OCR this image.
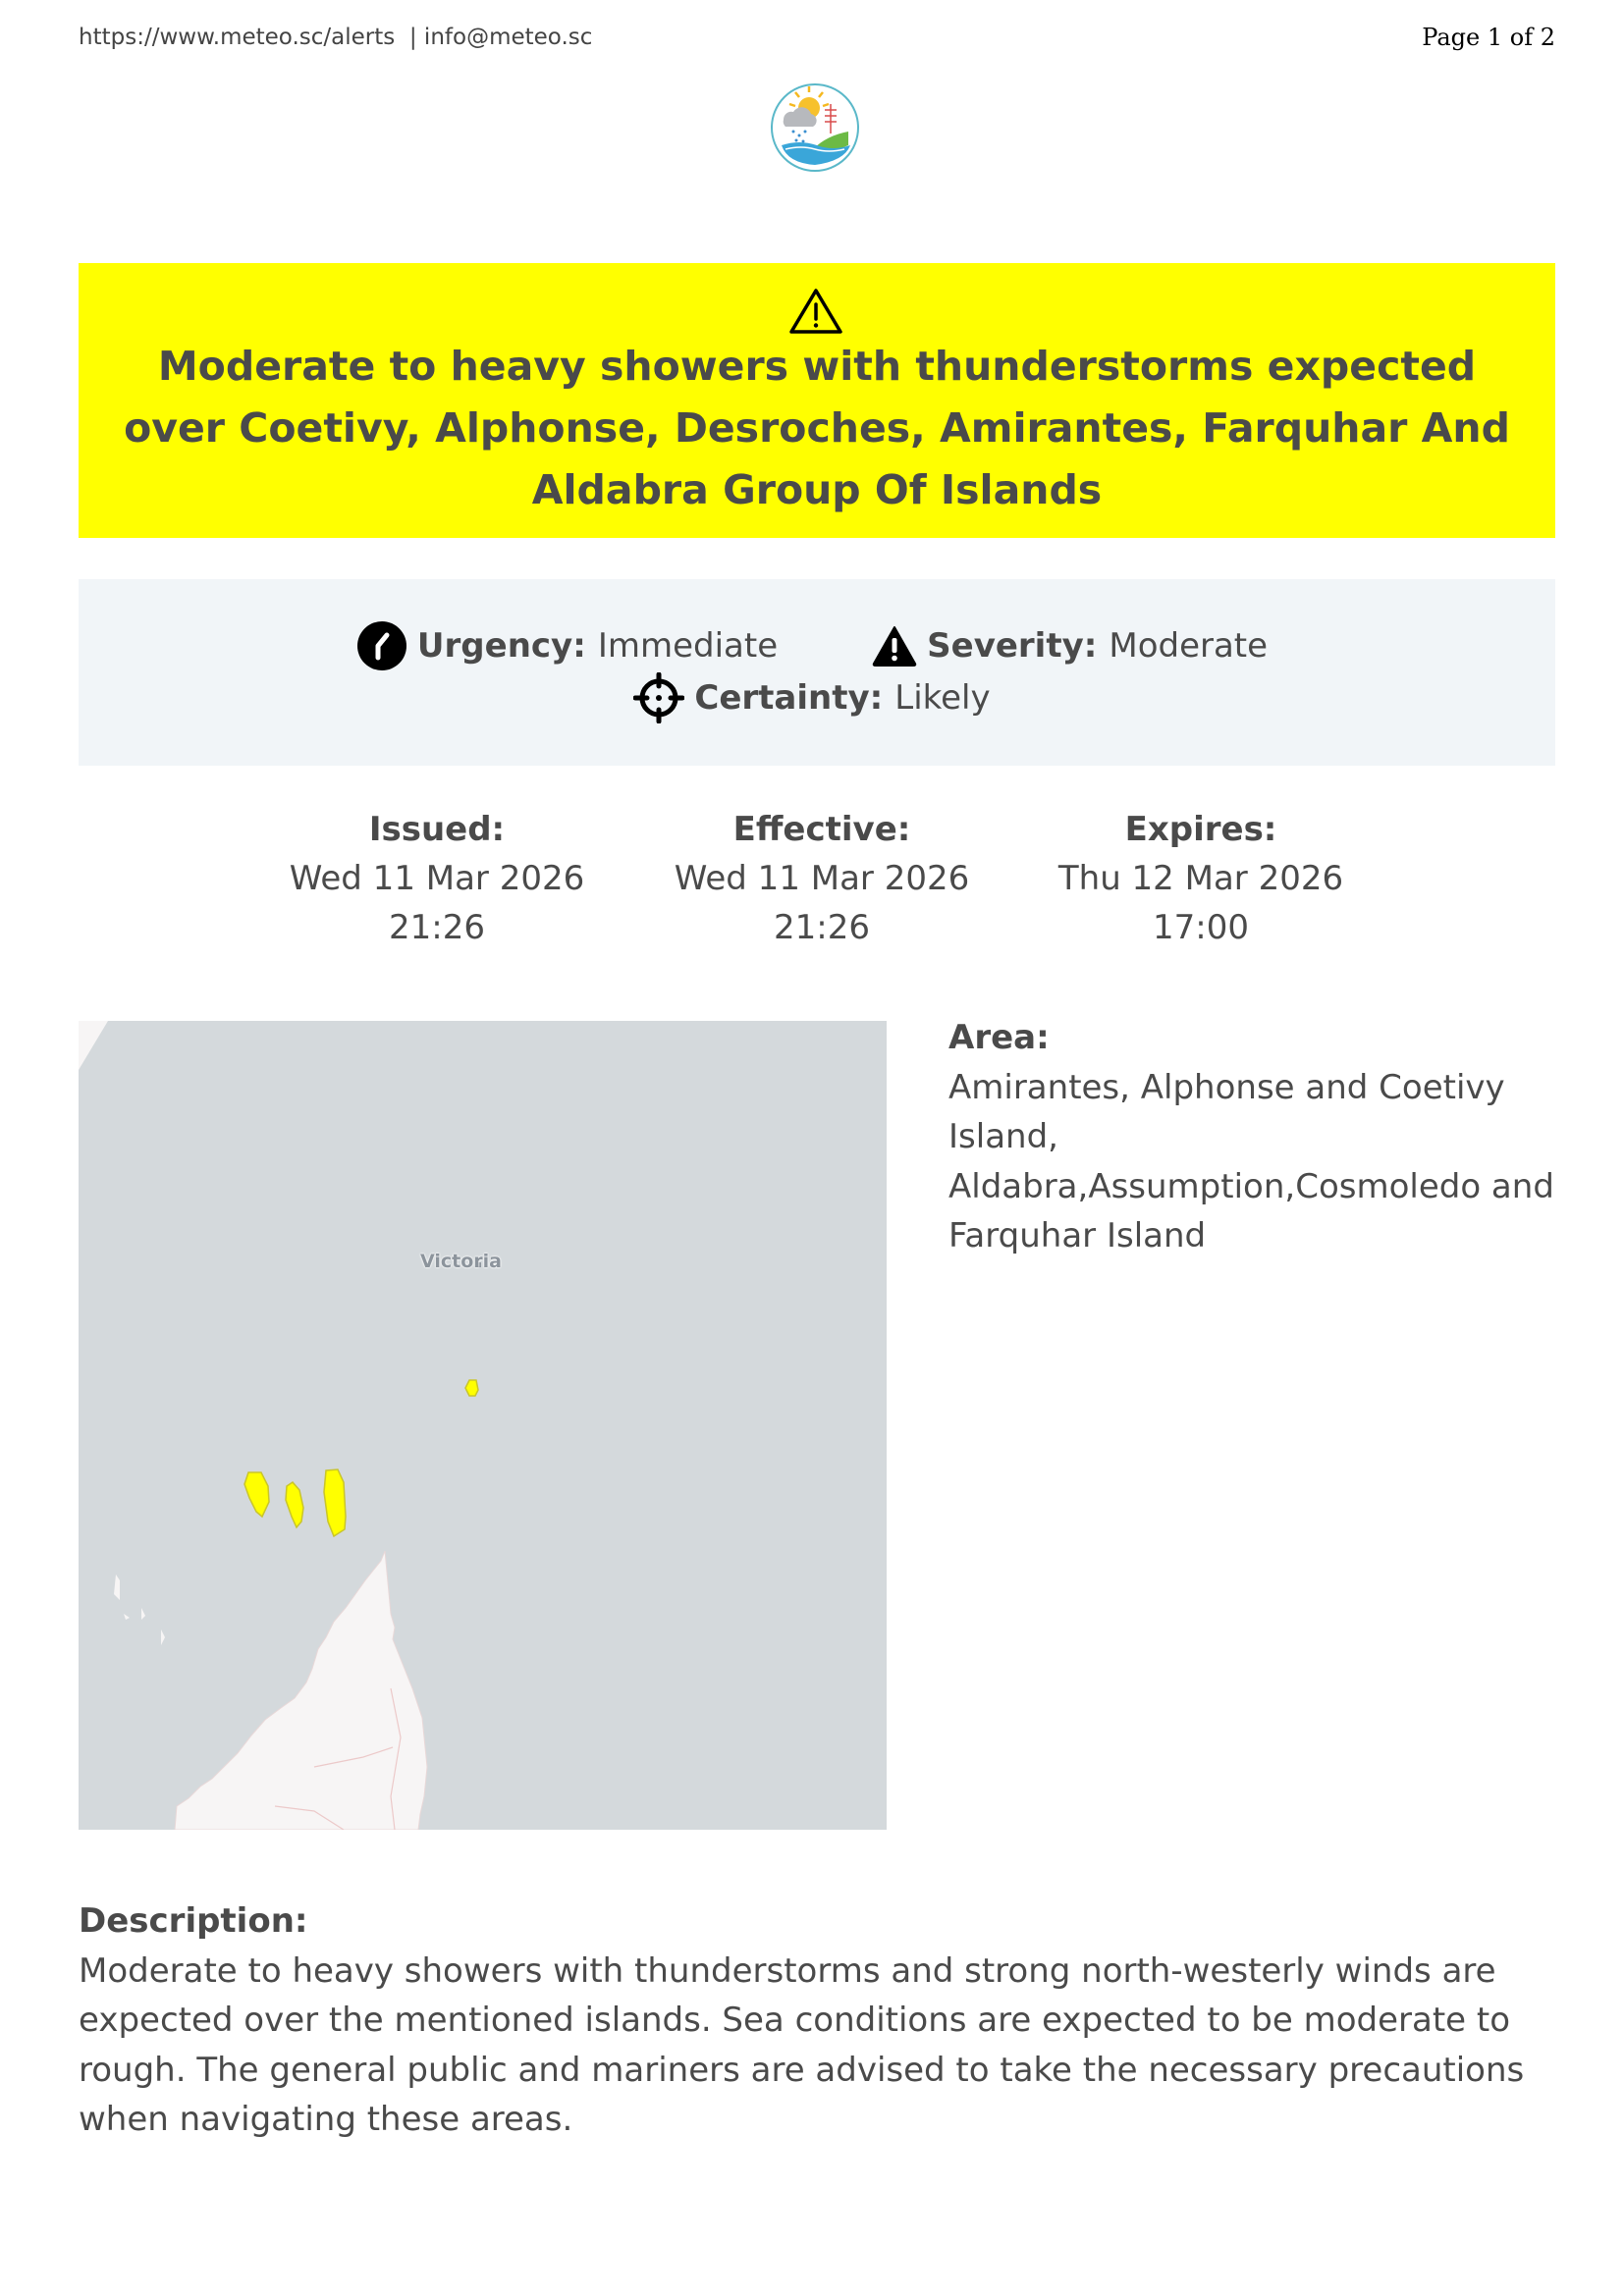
https://www.meteo.sc/alerts  | info@meteo.sc	Page 1 of 2
Moderate to heavy showers with thunderstorms expected over Coetivy, Alphonse, Desroches, Amirantes, Farquhar And Aldabra Group Of Islands
Urgency: Immediate	Severity: Moderate
Certainty: Likely
Issued:
Wed 11 Mar 2026
21:26
Effective:
Wed 11 Mar 2026
21:26
Expires:
Thu 12 Mar 2026
17:00
Victoria
Area:
Amirantes, Alphonse and Coetivy
Island,
Aldabra,Assumption,Cosmoledo and
Farquhar Island
Description:
Moderate to heavy showers with thunderstorms and strong north-westerly winds are expected over the mentioned islands. Sea conditions are expected to be moderate to rough. The general public and mariners are advised to take the necessary precautions when navigating these areas.
